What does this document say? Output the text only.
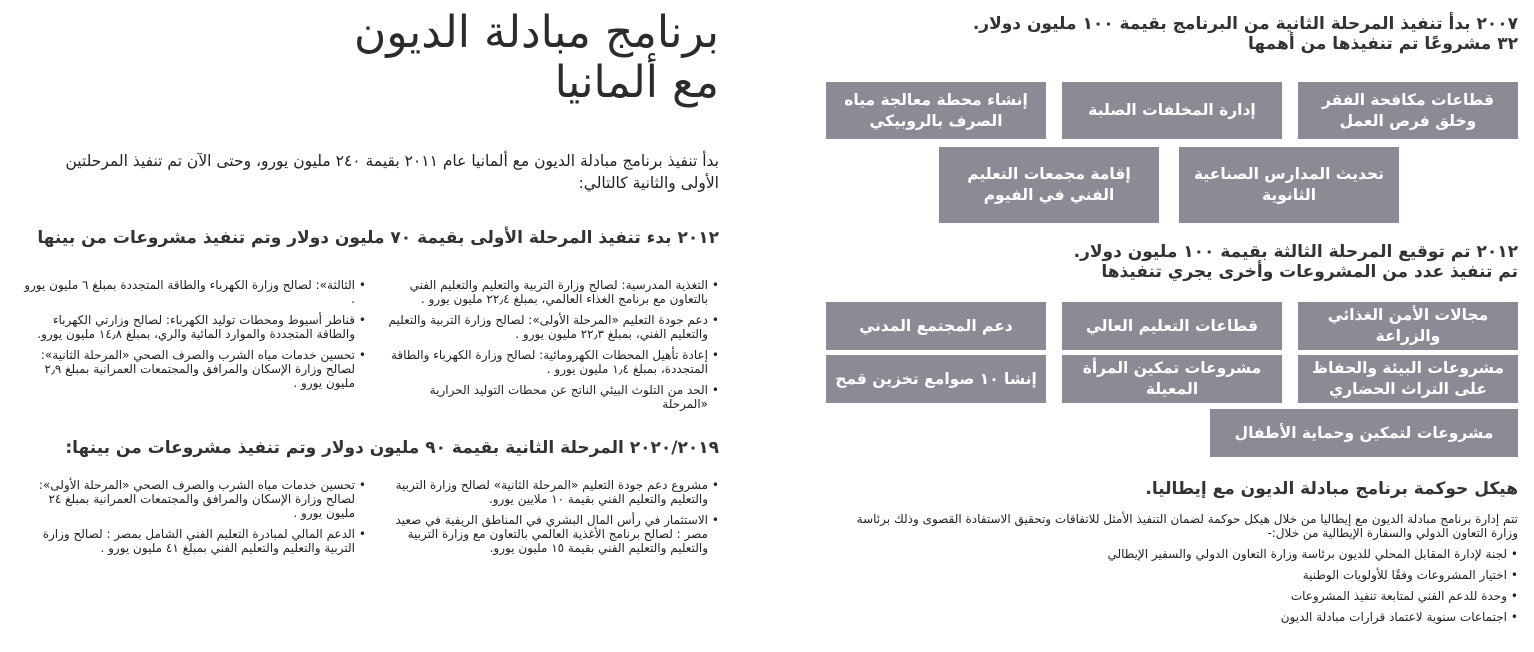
برنامج مبادلة الديون
مع ألمانيا

بدأ تنفيذ برنامج مبادلة الديون مع ألمانيا عام ٢٠١١ بقيمة ٢٤٠ مليون يورو، وحتى الآن تم تنفيذ المرحلتين الأولى والثانية كالتالي:

٢٠١٢ بدء تنفيذ المرحلة الأولى بقيمة ٧٠ مليون دولار وتم تنفيذ مشروعات من بينها
• التغذية المدرسية: لصالح وزارة التربية والتعليم والتعليم الفني بالتعاون مع برنامج الغذاء العالمي، بمبلغ ٢٢٫٤ مليون يورو .
• دعم جودة التعليم «المرحلة الأولى»: لصالح وزارة التربية والتعليم والتعليم الفني، بمبلغ ٢٢٫٣ مليون يورو .
• إعادة تأهيل المحطات الكهرومائية: لصالح وزارة الكهرباء والطاقة المتجددة، بمبلغ ١٫٤ مليون يورو .
• الحد من التلوث البيئي الناتج عن محطات التوليد الحرارية «المرحلة
• الثالثة»: لصالح وزارة الكهرباء والطاقة المتجددة بمبلغ ٦ مليون يورو .
• قناطر أسيوط ومحطات توليد الكهرباء: لصالح وزارتي الكهرباء والطاقة المتجددة والموارد المائية والري، بمبلغ ١٤٫٨ مليون يورو.
• تحسين خدمات مياه الشرب والصرف الصحي «المرحلة الثانية»: لصالح وزارة الإسكان والمرافق والمجتمعات العمرانية بمبلغ ٢٫٩ مليون يورو .
٢٠٢٠/٢٠١٩ المرحلة الثانية بقيمة ٩٠ مليون دولار وتم تنفيذ مشروعات من بينها:
• مشروع دعم جودة التعليم «المرحلة الثانية» لصالح وزارة التربية والتعليم والتعليم الفني بقيمة ١٠ ملايين يورو.
• الاستثمار في رأس المال البشري في المناطق الريفية في صعيد مصر : لصالح برنامج الأغذية العالمي بالتعاون مع وزارة التربية والتعليم والتعليم الفني بقيمة ١٥ مليون يورو.
• تحسين خدمات مياه الشرب والصرف الصحي «المرحلة الأولى»: لصالح وزارة الإسكان والمرافق والمجتمعات العمرانية بمبلغ ٢٤ مليون يورو .
• الدعم المالي لمبادرة التعليم الفني الشامل بمصر : لصالح وزارة التربية والتعليم والتعليم الفني بمبلغ ٤١ مليون يورو .
٢٠٠٧ بدأ تنفيذ المرحلة الثانية من البرنامج بقيمة ١٠٠ مليون دولار.
٣٢ مشروعًا تم تنفيذها من أهمها
قطاعات مكافحة الفقر وخلق فرص العمل
إدارة المخلفات الصلبة
إنشاء محطة معالجة مياه الصرف بالروبيكي
تحديث المدارس الصناعية الثانوية
إقامة مجمعات التعليم الفني في الفيوم
٢٠١٢ تم توقيع المرحلة الثالثة بقيمة ١٠٠ مليون دولار.
تم تنفيذ عدد من المشروعات وأخرى يجري تنفيذها
مجالات الأمن الغذائي والزراعة
قطاعات التعليم العالي
دعم المجتمع المدني
مشروعات البيئة والحفاظ على التراث الحضاري
مشروعات تمكين المرأة المعيلة
إنشا ١٠ صوامع تخزين قمح
مشروعات لتمكين وحماية الأطفال
هيكل حوكمة برنامج مبادلة الديون مع إيطاليا.

تتم إدارة برنامج مبادلة الديون مع إيطاليا من خلال هيكل حوكمة لضمان التنفيذ الأمثل للاتفاقات وتحقيق الاستفادة القصوى وذلك برئاسة وزارة التعاون الدولي والسفارة الإيطالية من خلال:-

• لجنة لإدارة المقابل المحلي للديون برئاسة وزارة التعاون الدولي والسفير الإيطالي
• اختيار المشروعات وفقًا للأولويات الوطنية
• وحدة للدعم الفني لمتابعة تنفيذ المشروعات
• اجتماعات سنوية لاعتماد قرارات مبادلة الديون
